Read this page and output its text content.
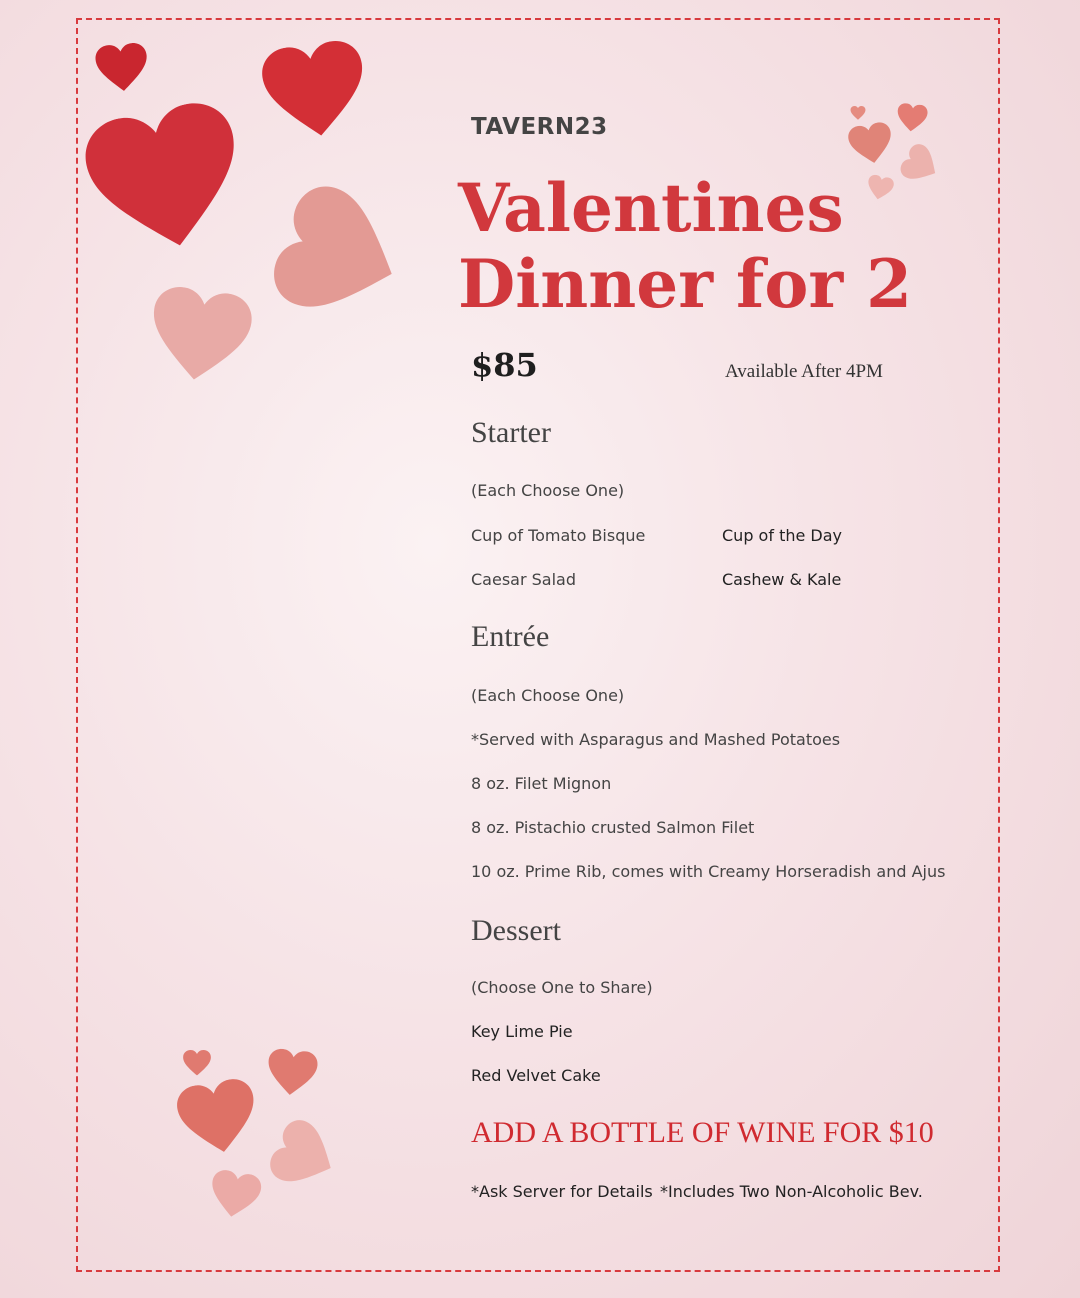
TAVERN23
Valentines
Dinner for 2
$85	Available After 4PM
Starter
(Each Choose One)
Cup of Tomato Bisque
Caesar Salad
Cup of the Day
Cashew & Kale
Entrée
(Each Choose One)
*Served with Asparagus and Mashed Potatoes
8 oz. Filet Mignon
8 oz. Pistachio crusted Salmon Filet
10 oz. Prime Rib, comes with Creamy Horseradish and Ajus
Dessert
(Choose One to Share)
Key Lime Pie
Red Velvet Cake
ADD A BOTTLE OF WINE FOR $10
*Ask Server for Details *Includes Two Non-Alcoholic Bev.
